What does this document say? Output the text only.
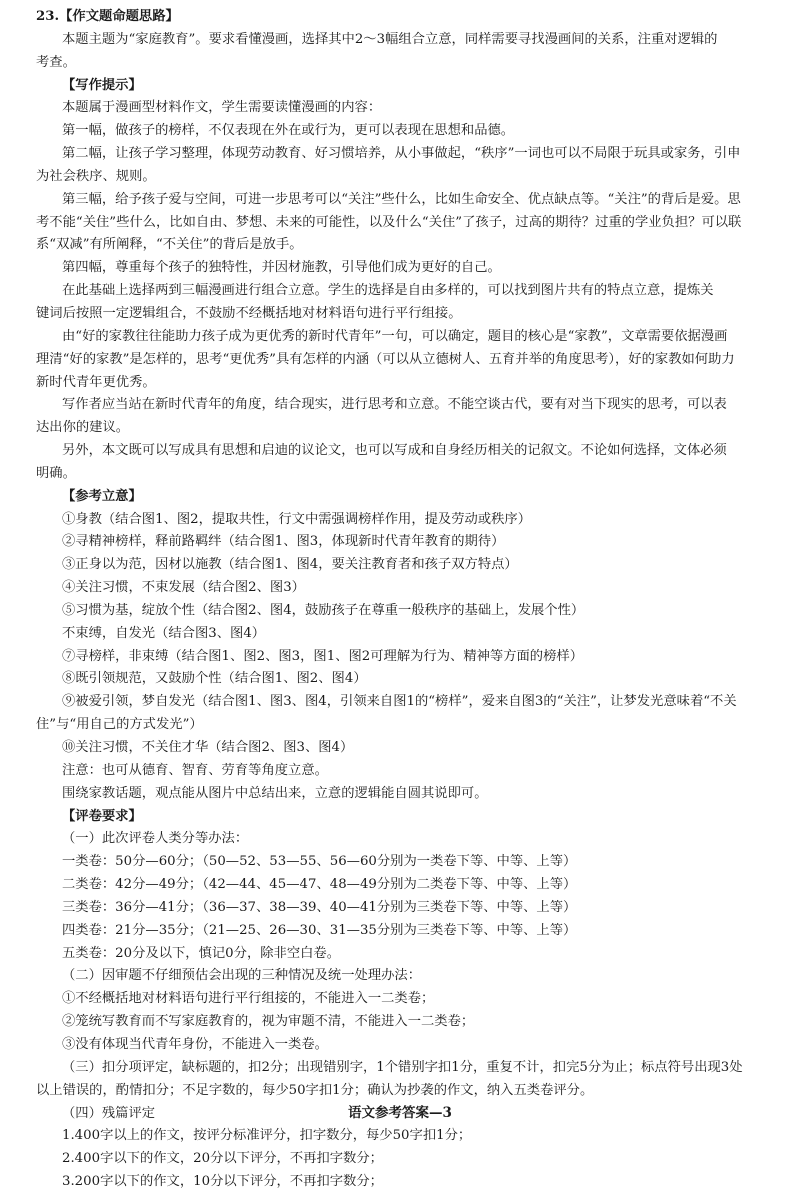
23.【作文题命题思路】

本题主题为“家庭教育”。要求看懂漫画，选择其中2～3幅组合立意，同样需要寻找漫画间的关系，注重对逻辑的

考查。

【写作提示】

本题属于漫画型材料作文，学生需要读懂漫画的内容：

第一幅，做孩子的榜样，不仅表现在外在或行为，更可以表现在思想和品德。

第二幅，让孩子学习整理，体现劳动教育、好习惯培养，从小事做起，“秩序”一词也可以不局限于玩具或家务，引申

为社会秩序、规则。

第三幅，给予孩子爱与空间，可进一步思考可以“关注”些什么，比如生命安全、优点缺点等。“关注”的背后是爱。思

考不能“关住”些什么，比如自由、梦想、未来的可能性，以及什么“关住”了孩子，过高的期待？过重的学业负担？可以联

系“双减”有所阐释，“不关住”的背后是放手。

第四幅，尊重每个孩子的独特性，并因材施教，引导他们成为更好的自己。

在此基础上选择两到三幅漫画进行组合立意。学生的选择是自由多样的，可以找到图片共有的特点立意，提炼关

键词后按照一定逻辑组合，不鼓励不经概括地对材料语句进行平行组接。

由“好的家教往往能助力孩子成为更优秀的新时代青年”一句，可以确定，题目的核心是“家教”，文章需要依据漫画

理清“好的家教”是怎样的，思考“更优秀”具有怎样的内涵（可以从立德树人、五育并举的角度思考），好的家教如何助力

新时代青年更优秀。

写作者应当站在新时代青年的角度，结合现实，进行思考和立意。不能空谈古代，要有对当下现实的思考，可以表

达出你的建议。

另外，本文既可以写成具有思想和启迪的议论文，也可以写成和自身经历相关的记叙文。不论如何选择，文体必须

明确。

【参考立意】

①身教（结合图1、图2，提取共性，行文中需强调榜样作用，提及劳动或秩序）

②寻精神榜样，释前路羁绊（结合图1、图3，体现新时代青年教育的期待）

③正身以为范，因材以施教（结合图1、图4，要关注教育者和孩子双方特点）

④关注习惯，不束发展（结合图2、图3）

⑤习惯为基，绽放个性（结合图2、图4，鼓励孩子在尊重一般秩序的基础上，发展个性）

不束缚，自发光（结合图3、图4）

⑦寻榜样，非束缚（结合图1、图2、图3，图1、图2可理解为行为、精神等方面的榜样）

⑧既引领规范，又鼓励个性（结合图1、图2、图4）

⑨被爱引领，梦自发光（结合图1、图3、图4，引领来自图1的“榜样”，爱来自图3的“关注”，让梦发光意味着“不关

住”与“用自己的方式发光”）

⑩关注习惯，不关住才华（结合图2、图3、图4）

注意：也可从德育、智育、劳育等角度立意。

围绕家教话题，观点能从图片中总结出来，立意的逻辑能自圆其说即可。

【评卷要求】

（一）此次评卷人类分等办法：

一类卷：50分—60分；（50—52、53—55、56—60分别为一类卷下等、中等、上等）

二类卷：42分—49分；（42—44、45—47、48—49分别为二类卷下等、中等、上等）

三类卷：36分—41分；（36—37、38—39、40—41分别为三类卷下等、中等、上等）

四类卷：21分—35分；（21—25、26—30、31—35分别为三类卷下等、中等、上等）

五类卷：20分及以下，慎记0分，除非空白卷。

（二）因审题不仔细预估会出现的三种情况及统一处理办法：

①不经概括地对材料语句进行平行组接的，不能进入一二类卷；

②笼统写教育而不写家庭教育的，视为审题不清，不能进入一二类卷；

③没有体现当代青年身份，不能进入一类卷。

（三）扣分项评定，缺标题的，扣2分；出现错别字，1个错别字扣1分，重复不计，扣完5分为止；标点符号出现3处

以上错误的，酌情扣分；不足字数的，每少50字扣1分；确认为抄袭的作文，纳入五类卷评分。

（四）残篇评定

1.400字以上的作文，按评分标准评分，扣字数分，每少50字扣1分；

2.400字以下的作文，20分以下评分，不再扣字数分；

3.200字以下的作文，10分以下评分，不再扣字数分；

语文参考答案—3
